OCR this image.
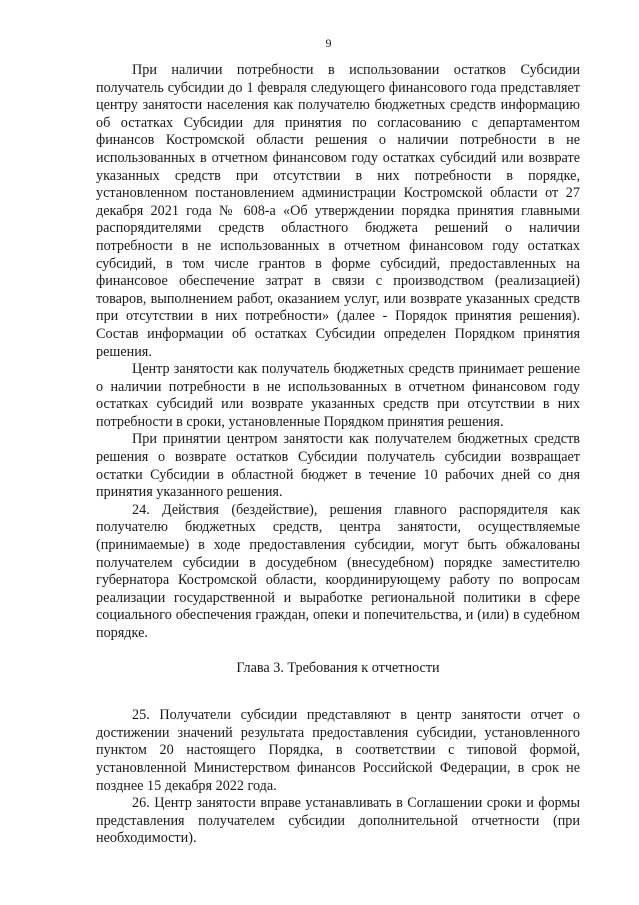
9

При наличии потребности в использовании остатков Субсидии получатель субсидии до 1 февраля следующего финансового года представляет центру занятости населения как получателю бюджетных средств информацию об остатках Субсидии для принятия по согласованию с департаментом финансов Костромской области решения о наличии потребности в не использованных в отчетном финансовом году остатках субсидий или возврате указанных средств при отсутствии в них потребности в порядке, установленном постановлением администрации Костромской области от 27 декабря 2021 года № 608-а «Об утверждении порядка принятия главными распорядителями средств областного бюджета решений о наличии потребности в не использованных в отчетном финансовом году остатках субсидий, в том числе грантов в форме субсидий, предоставленных на финансовое обеспечение затрат в связи с производством (реализацией) товаров, выполнением работ, оказанием услуг, или возврате указанных средств при отсутствии в них потребности» (далее - Порядок принятия решения). Состав информации об остатках Субсидии определен Порядком принятия решения.

Центр занятости как получатель бюджетных средств принимает решение о наличии потребности в не использованных в отчетном финансовом году остатках субсидий или возврате указанных средств при отсутствии в них потребности в сроки, установленные Порядком принятия решения.

При принятии центром занятости как получателем бюджетных средств решения о возврате остатков Субсидии получатель субсидии возвращает остатки Субсидии в областной бюджет в течение 10 рабочих дней со дня принятия указанного решения.

24. Действия (бездействие), решения главного распорядителя как получателю бюджетных средств, центра занятости, осуществляемые (принимаемые) в ходе предоставления субсидии, могут быть обжалованы получателем субсидии в досудебном (внесудебном) порядке заместителю губернатора Костромской области, координирующему работу по вопросам реализации государственной и выработке региональной политики в сфере социального обеспечения граждан, опеки и попечительства, и (или) в судебном порядке.

Глава 3. Требования к отчетности

25. Получатели субсидии представляют в центр занятости отчет о достижении значений результата предоставления субсидии, установленного пунктом 20 настоящего Порядка, в соответствии с типовой формой, установленной Министерством финансов Российской Федерации, в срок не позднее 15 декабря 2022 года.

26. Центр занятости вправе устанавливать в Соглашении сроки и формы представления получателем субсидии дополнительной отчетности (при необходимости).
